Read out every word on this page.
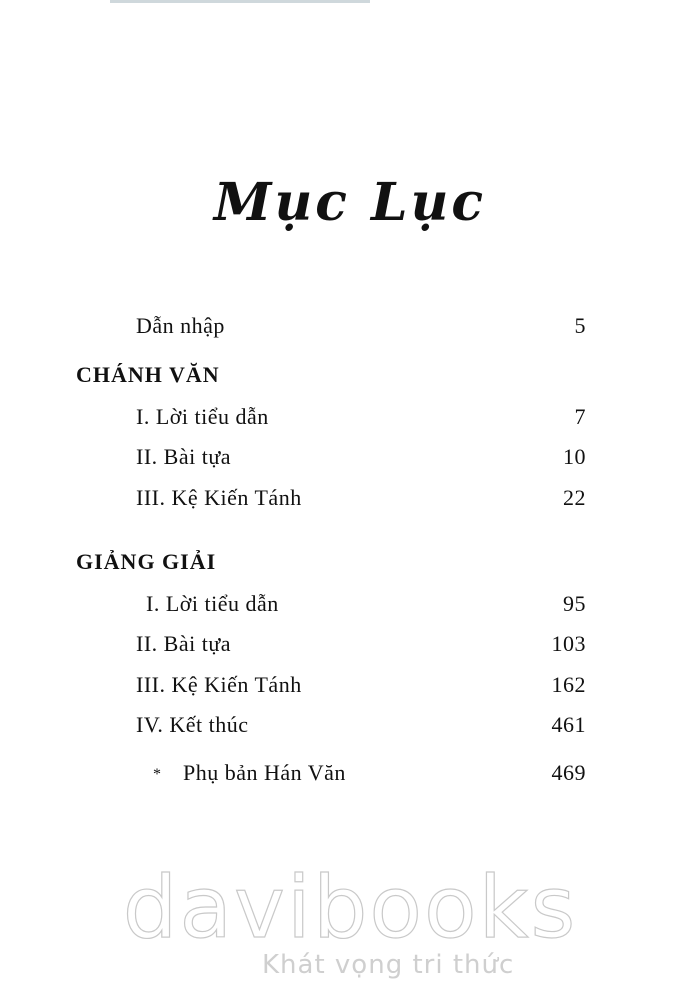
Mục Lục
Dẫn nhập	5
CHÁNH VĂN
I. Lời tiểu dẫn	7
II. Bài tựa	10
III. Kệ Kiến Tánh	22
GIẢNG GIẢI
I. Lời tiểu dẫn	95
II. Bài tựa	103
III. Kệ Kiến Tánh	162
IV. Kết thúc	461
* Phụ bản Hán Văn	469
davibooks
Khát vọng tri thức
